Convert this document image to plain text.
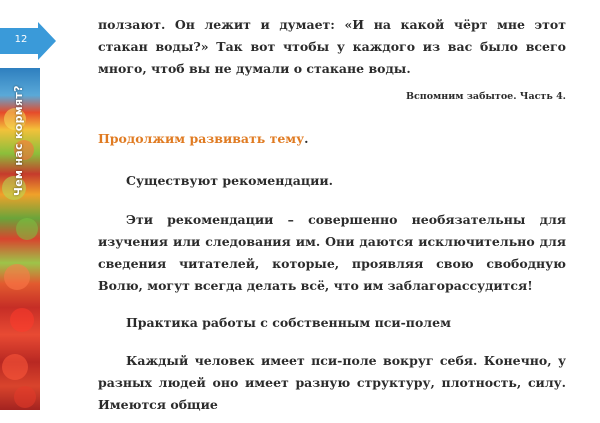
12
Чем нас кормят?

ползают. Он лежит и думает: «И на какой чёрт мне этот стакан воды?» Так вот чтобы у каждого из вас было всего много, чтоб вы не думали о стакане воды.

Вспомним забытое. Часть 4.
Продолжим развивать тему.

Существуют рекомендации.

Эти рекомендации – совершенно необязательны для изучения или следования им. Они даются исключительно для сведения читателей, которые, проявляя свою свободную Волю, могут всегда делать всё, что им заблагорассудится!

Практика работы с собственным пси-полем

Каждый человек имеет пси-поле вокруг себя. Конечно, у разных людей оно имеет разную структуру, плотность, силу. Имеются общие
